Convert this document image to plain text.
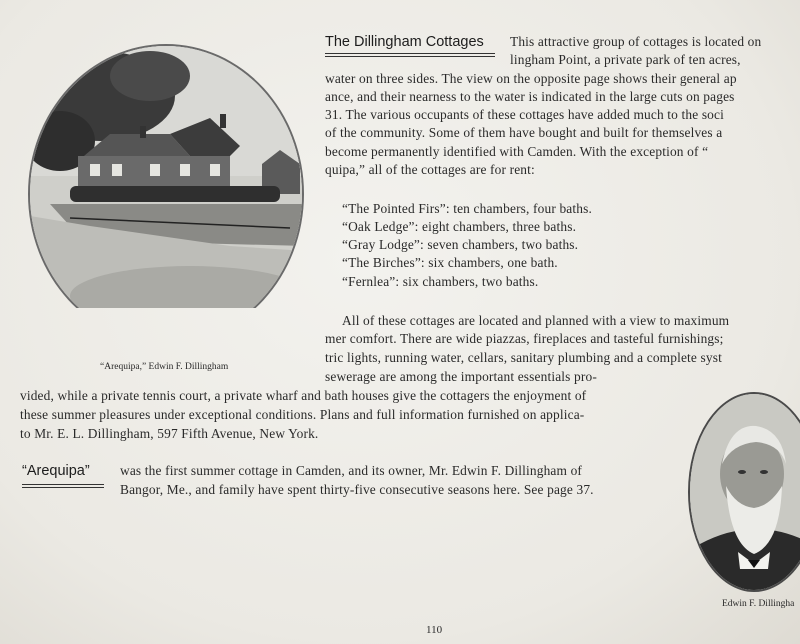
“Arequipa,” Edwin F. Dillingham
The Dillingham Cottages This attractive group of cottages is located on
lingham Point, a private park of ten acres,
water on three sides. The view on the opposite page shows their general ap
ance, and their nearness to the water is indicated in the large cuts on pages
31. The various occupants of these cottages have added much to the soci
of the community. Some of them have bought and built for themselves a
become permanently identified with Camden. With the exception of “
quipa,” all of the cottages are for rent:
“The Pointed Firs”: ten chambers, four baths.
“Oak Ledge”: eight chambers, three baths.
“Gray Lodge”: seven chambers, two baths.
“The Birches”: six chambers, one bath.
“Fernlea”: six chambers, two baths.
All of these cottages are located and planned with a view to maximum
mer comfort. There are wide piazzas, fireplaces and tasteful furnishings;
tric lights, running water, cellars, sanitary plumbing and a complete syst
sewerage are among the important essentials pro-
vided, while a private tennis court, a private wharf and bath houses give the cottagers the enjoyment of
these summer pleasures under exceptional conditions. Plans and full information furnished on applica-
to Mr. E. L. Dillingham, 597 Fifth Avenue, New York.
“Arequipa” was the first summer cottage in Camden, and its owner, Mr. Edwin F. Dillingham of
Bangor, Me., and family have spent thirty-five consecutive seasons here. See page 37.
Edwin F. Dillingha
110
